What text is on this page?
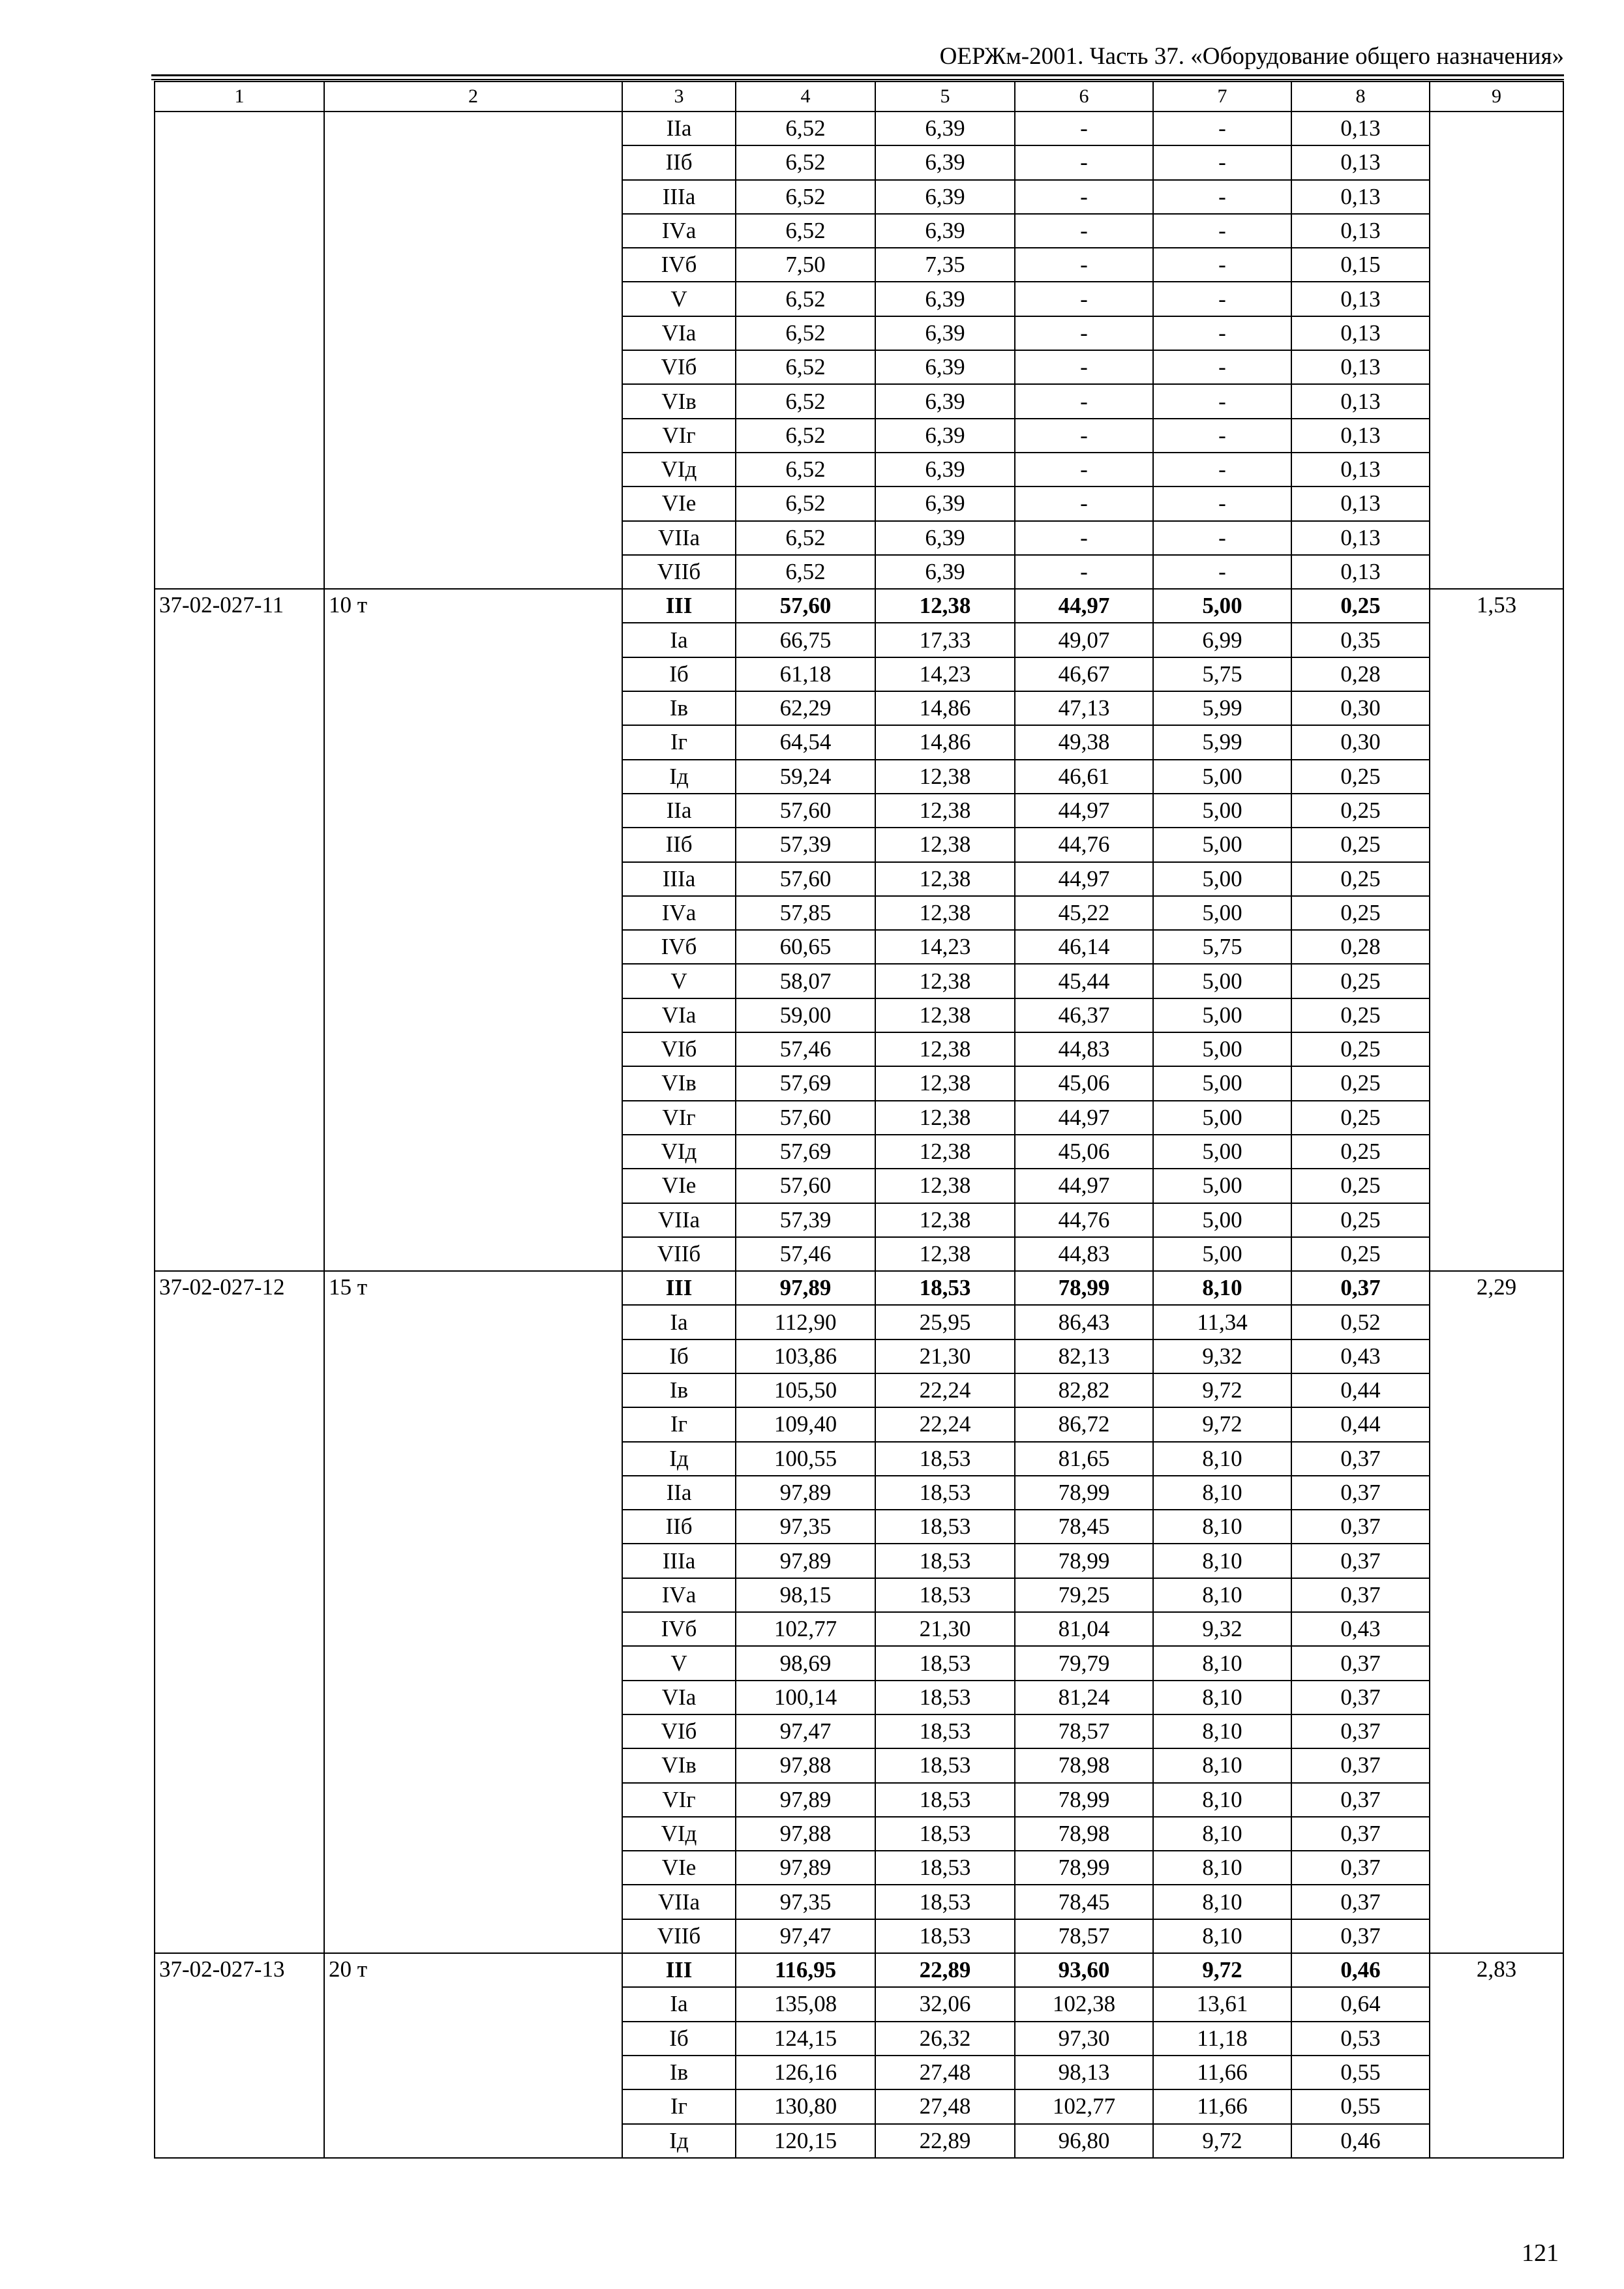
ОЕРЖм-2001. Часть 37. «Оборудование общего назначения»
1	2	3	4	5	6	7	8	9
		IIа	6,52	6,39	-	-	0,13	
		IIб	6,52	6,39	-	-	0,13	
		IIIа	6,52	6,39	-	-	0,13	
		IVа	6,52	6,39	-	-	0,13	
		IVб	7,50	7,35	-	-	0,15	
		V	6,52	6,39	-	-	0,13	
		VIа	6,52	6,39	-	-	0,13	
		VIб	6,52	6,39	-	-	0,13	
		VIв	6,52	6,39	-	-	0,13	
		VIг	6,52	6,39	-	-	0,13	
		VIд	6,52	6,39	-	-	0,13	
		VIе	6,52	6,39	-	-	0,13	
		VIIа	6,52	6,39	-	-	0,13	
		VIIб	6,52	6,39	-	-	0,13	
37-02-027-11	10 т	III	57,60	12,38	44,97	5,00	0,25	1,53
		Iа	66,75	17,33	49,07	6,99	0,35	
		Iб	61,18	14,23	46,67	5,75	0,28	
		Iв	62,29	14,86	47,13	5,99	0,30	
		Iг	64,54	14,86	49,38	5,99	0,30	
		Iд	59,24	12,38	46,61	5,00	0,25	
		IIа	57,60	12,38	44,97	5,00	0,25	
		IIб	57,39	12,38	44,76	5,00	0,25	
		IIIа	57,60	12,38	44,97	5,00	0,25	
		IVа	57,85	12,38	45,22	5,00	0,25	
		IVб	60,65	14,23	46,14	5,75	0,28	
		V	58,07	12,38	45,44	5,00	0,25	
		VIа	59,00	12,38	46,37	5,00	0,25	
		VIб	57,46	12,38	44,83	5,00	0,25	
		VIв	57,69	12,38	45,06	5,00	0,25	
		VIг	57,60	12,38	44,97	5,00	0,25	
		VIд	57,69	12,38	45,06	5,00	0,25	
		VIе	57,60	12,38	44,97	5,00	0,25	
		VIIа	57,39	12,38	44,76	5,00	0,25	
		VIIб	57,46	12,38	44,83	5,00	0,25	
37-02-027-12	15 т	III	97,89	18,53	78,99	8,10	0,37	2,29
		Iа	112,90	25,95	86,43	11,34	0,52	
		Iб	103,86	21,30	82,13	9,32	0,43	
		Iв	105,50	22,24	82,82	9,72	0,44	
		Iг	109,40	22,24	86,72	9,72	0,44	
		Iд	100,55	18,53	81,65	8,10	0,37	
		IIа	97,89	18,53	78,99	8,10	0,37	
		IIб	97,35	18,53	78,45	8,10	0,37	
		IIIа	97,89	18,53	78,99	8,10	0,37	
		IVа	98,15	18,53	79,25	8,10	0,37	
		IVб	102,77	21,30	81,04	9,32	0,43	
		V	98,69	18,53	79,79	8,10	0,37	
		VIа	100,14	18,53	81,24	8,10	0,37	
		VIб	97,47	18,53	78,57	8,10	0,37	
		VIв	97,88	18,53	78,98	8,10	0,37	
		VIг	97,89	18,53	78,99	8,10	0,37	
		VIд	97,88	18,53	78,98	8,10	0,37	
		VIе	97,89	18,53	78,99	8,10	0,37	
		VIIа	97,35	18,53	78,45	8,10	0,37	
		VIIб	97,47	18,53	78,57	8,10	0,37	
37-02-027-13	20 т	III	116,95	22,89	93,60	9,72	0,46	2,83
		Iа	135,08	32,06	102,38	13,61	0,64	
		Iб	124,15	26,32	97,30	11,18	0,53	
		Iв	126,16	27,48	98,13	11,66	0,55	
		Iг	130,80	27,48	102,77	11,66	0,55	
		Iд	120,15	22,89	96,80	9,72	0,46	
121
